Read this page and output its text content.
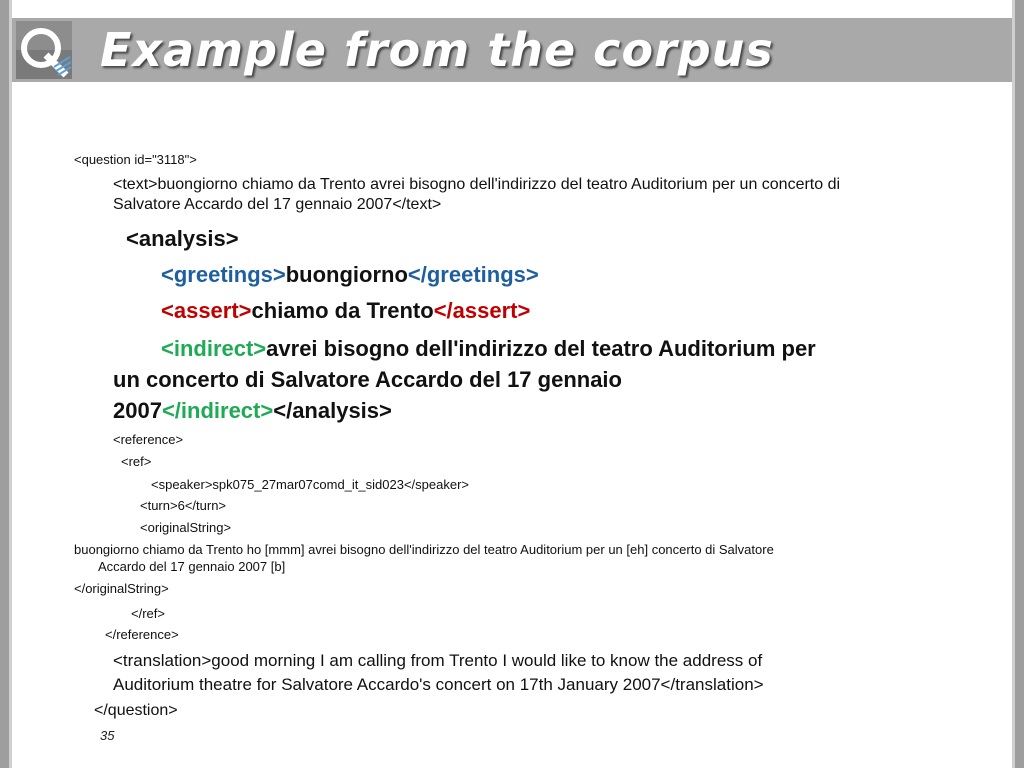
Example from the corpus
<question id="3118">
<text>buongiorno chiamo da Trento avrei bisogno dell'indirizzo del teatro Auditorium per un concerto di
Salvatore Accardo del 17 gennaio 2007</text>
<analysis>
<greetings>buongiorno</greetings>
<assert>chiamo da Trento</assert>
<indirect>avrei bisogno dell'indirizzo del teatro Auditorium per
un concerto di Salvatore Accardo del 17 gennaio
2007</indirect></analysis>
<reference>
<ref>
<speaker>spk075_27mar07comd_it_sid023</speaker>
<turn>6</turn>
<originalString>
buongiorno chiamo da Trento ho [mmm] avrei bisogno dell'indirizzo del teatro Auditorium per un [eh] concerto di Salvatore
Accardo del 17 gennaio 2007 [b]
</originalString>
</ref>
</reference>
<translation>good morning I am calling from Trento I would like to know the address of
Auditorium theatre for Salvatore Accardo's concert on 17th January 2007</translation>
</question>
35
